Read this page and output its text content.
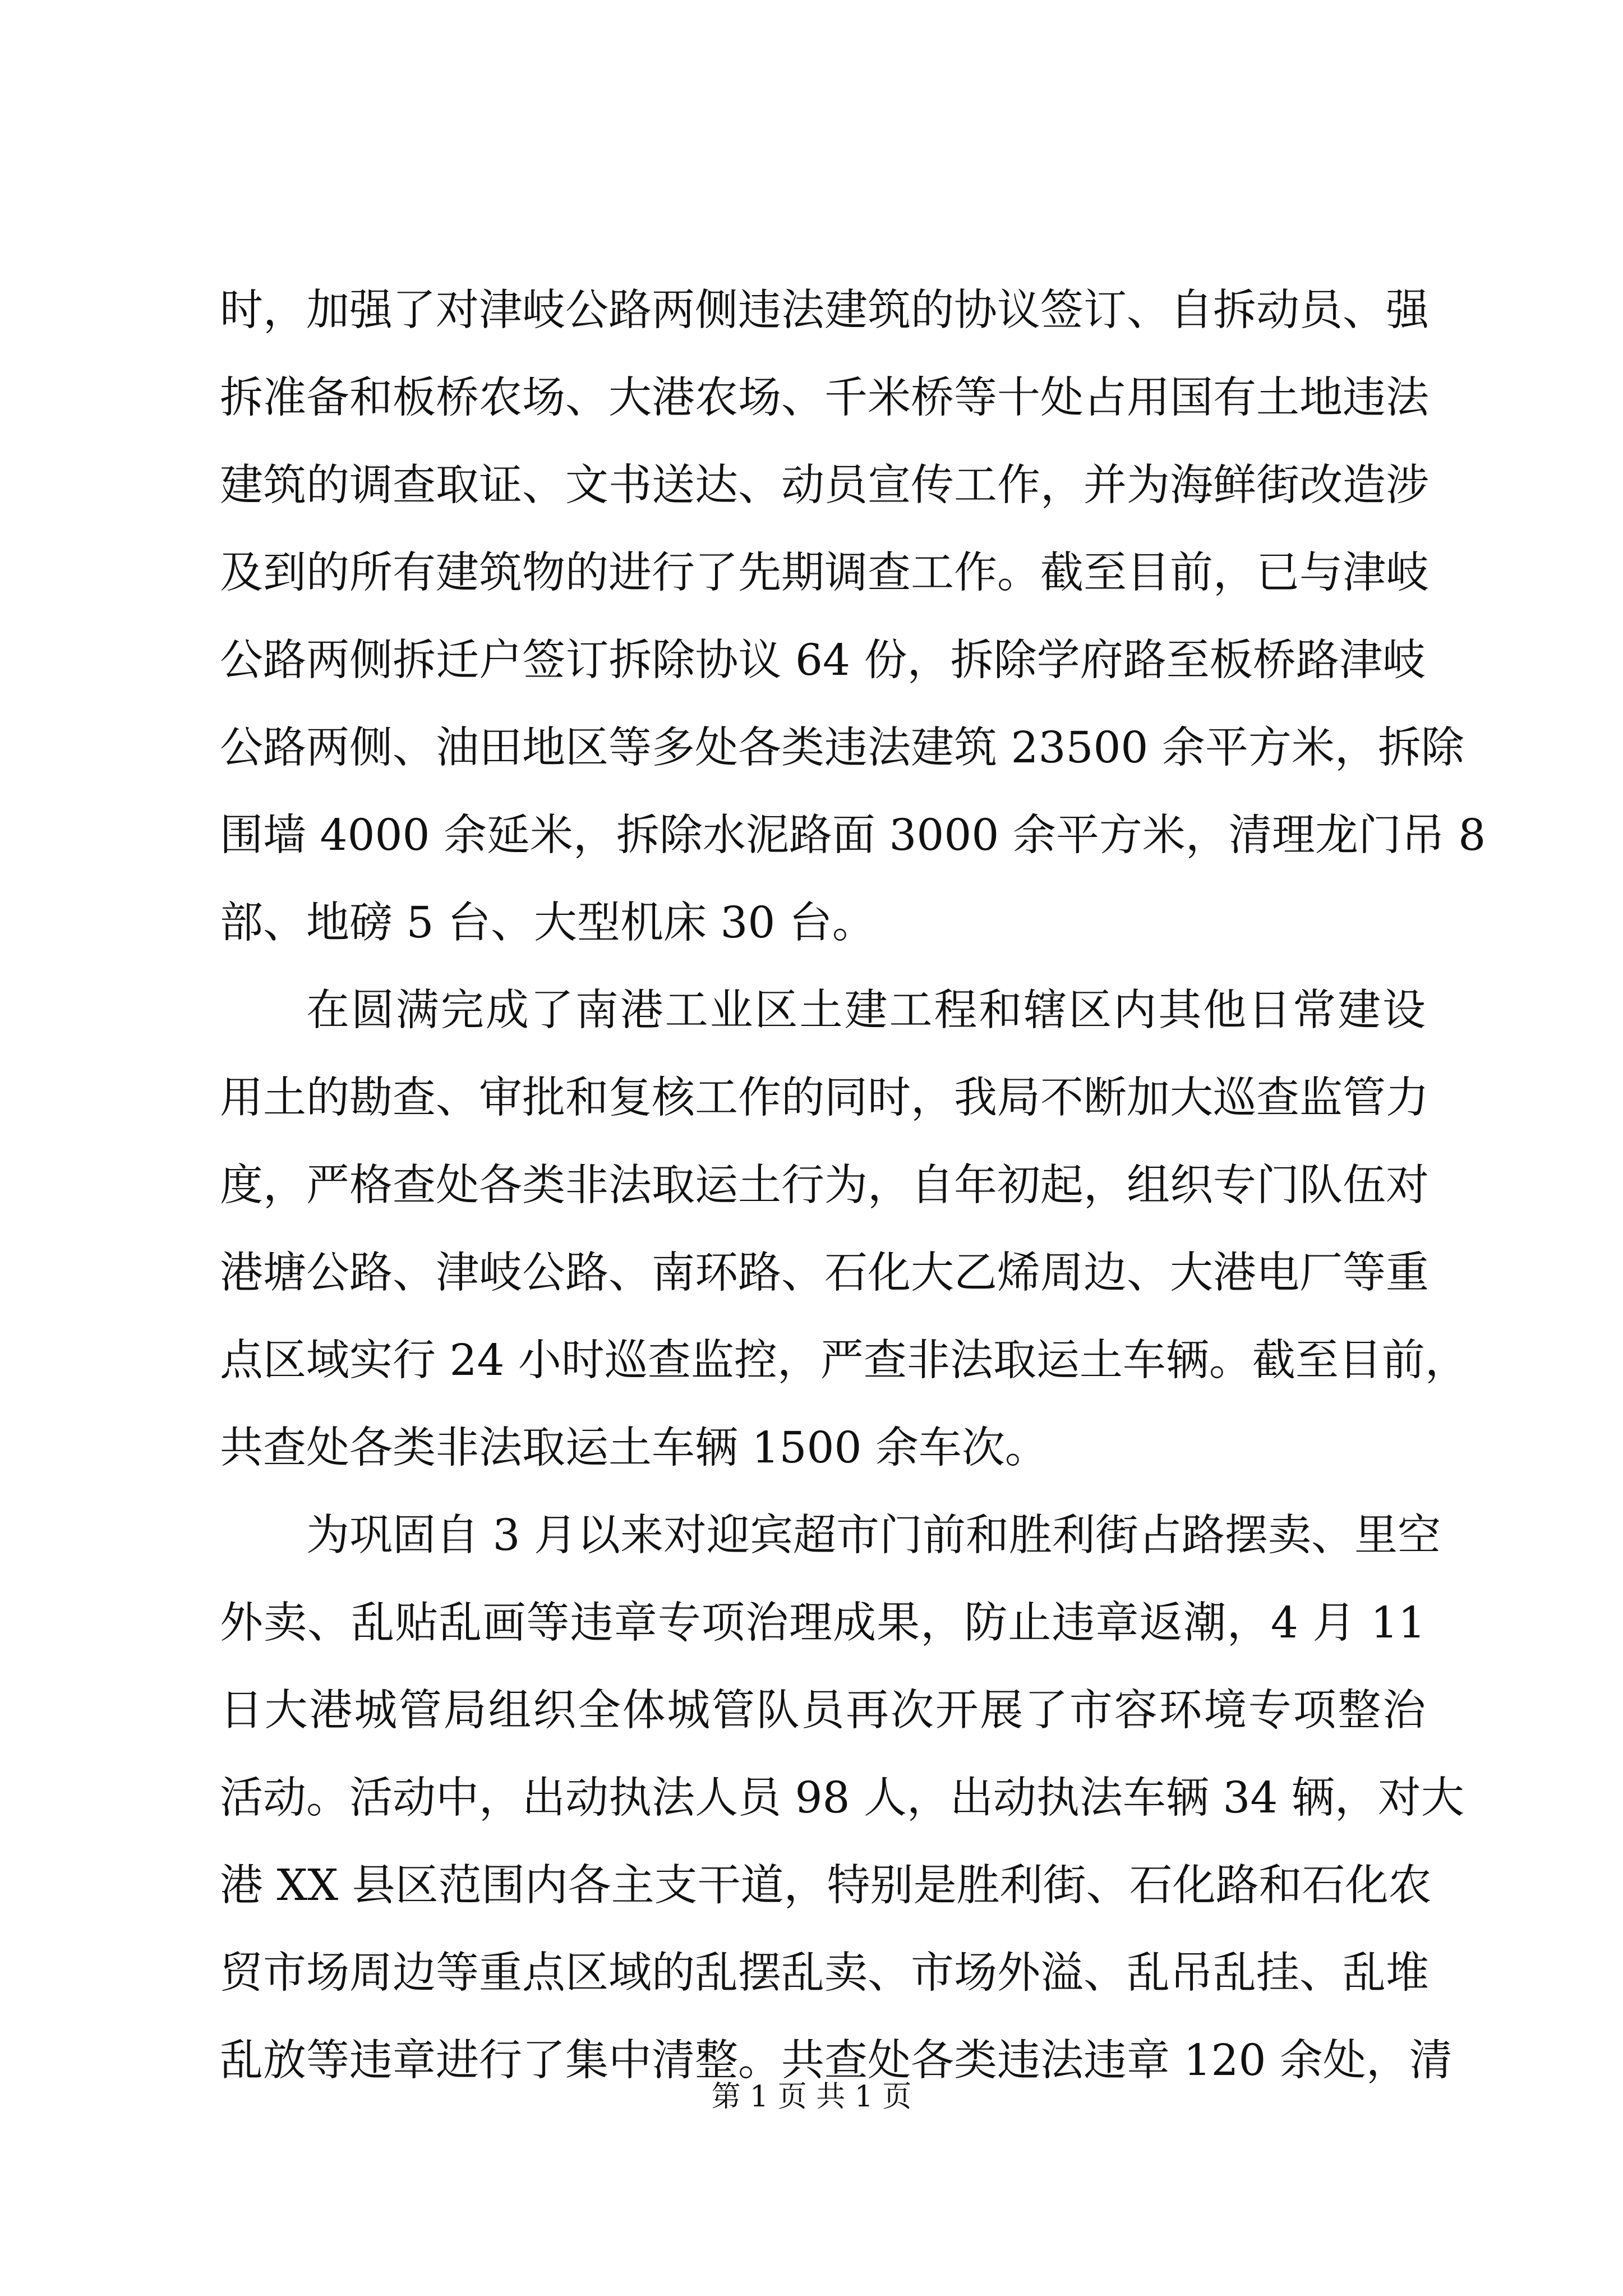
时，加强了对津岐公路两侧违法建筑的协议签订、自拆动员、强
拆准备和板桥农场、大港农场、千米桥等十处占用国有土地违法
建筑的调查取证、文书送达、动员宣传工作，并为海鲜街改造涉
及到的所有建筑物的进行了先期调查工作。截至目前，已与津岐
公路两侧拆迁户签订拆除协议 64 份，拆除学府路至板桥路津岐
公路两侧、油田地区等多处各类违法建筑 23500 余平方米，拆除
围墙 4000 余延米，拆除水泥路面 3000 余平方米，清理龙门吊 8
部、地磅 5 台、大型机床 30 台。
在圆满完成了南港工业区土建工程和辖区内其他日常建设
用土的勘查、审批和复核工作的同时，我局不断加大巡查监管力
度，严格查处各类非法取运土行为，自年初起，组织专门队伍对
港塘公路、津岐公路、南环路、石化大乙烯周边、大港电厂等重
点区域实行 24 小时巡查监控，严查非法取运土车辆。截至目前，
共查处各类非法取运土车辆 1500 余车次。
为巩固自 3 月以来对迎宾超市门前和胜利街占路摆卖、里空
外卖、乱贴乱画等违章专项治理成果，防止违章返潮，4 月 11
日大港城管局组织全体城管队员再次开展了市容环境专项整治
活动。活动中，出动执法人员 98 人，出动执法车辆 34 辆，对大
港 XX 县区范围内各主支干道，特别是胜利街、石化路和石化农
贸市场周边等重点区域的乱摆乱卖、市场外溢、乱吊乱挂、乱堆
乱放等违章进行了集中清整。共查处各类违法违章 120 余处，清
第 1 页 共 1 页
